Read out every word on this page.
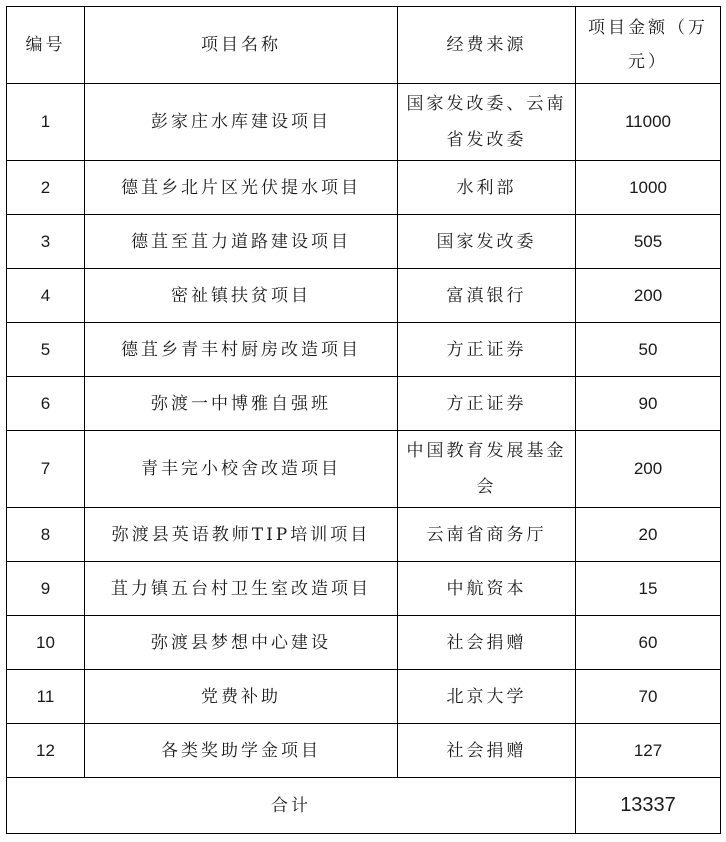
编号	项目名称	经费来源	项目金额（万元）
1	彭家庄水库建设项目	国家发改委、云南省发改委	11000
2	德苴乡北片区光伏提水项目	水利部	1000
3	德苴至苴力道路建设项目	国家发改委	505
4	密祉镇扶贫项目	富滇银行	200
5	德苴乡青丰村厨房改造项目	方正证券	50
6	弥渡一中博雅自强班	方正证券	90
7	青丰完小校舍改造项目	中国教育发展基金会	200
8	弥渡县英语教师TIP培训项目	云南省商务厅	20
9	苴力镇五台村卫生室改造项目	中航资本	15
10	弥渡县梦想中心建设	社会捐赠	60
11	党费补助	北京大学	70
12	各类奖助学金项目	社会捐赠	127
合计			13337
